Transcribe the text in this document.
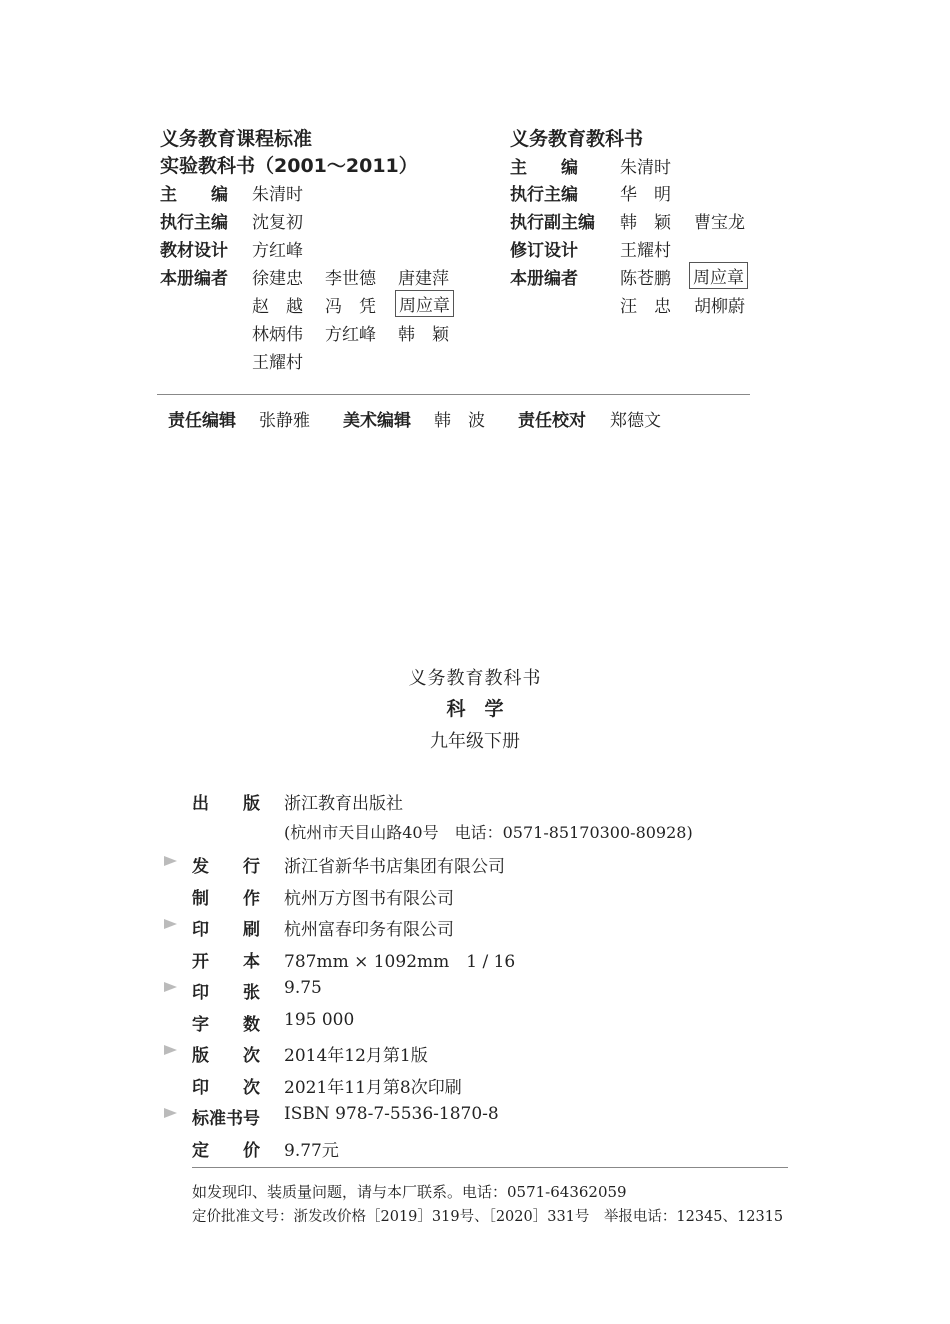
义务教育课程标准
实验教科书（2001～2011）
主　　编 朱清时
执行主编 沈复初
教材设计 方红峰
本册编者 徐建忠 李世德 唐建萍
赵　越 冯　凭 周应章
林炳伟 方红峰 韩　颖
王耀村
义务教育教科书
主　　编 朱清时
执行主编 华　明
执行副主编 韩　颖 曹宝龙
修订设计 王耀村
本册编者 陈苍鹏 周应章
汪　忠 胡柳蔚
责任编辑 张静雅 美术编辑 韩　波 责任校对 郑德文
义务教育教科书
科　学
九年级下册
出　　版 浙江教育出版社
(杭州市天目山路40号　电话：0571-85170300-80928)
发　　行 浙江省新华书店集团有限公司
制　　作 杭州万方图书有限公司
印　　刷 杭州富春印务有限公司
开　　本 787mm × 1092mm　1 / 16
印　　张 9.75
字　　数 195 000
版　　次 2014年12月第1版
印　　次 2021年11月第8次印刷
标准书号 ISBN 978-7-5536-1870-8
定　　价 9.77元
如发现印、装质量问题，请与本厂联系。电话：0571-64362059
定价批准文号：浙发改价格［2019］319号、［2020］331号　举报电话：12345、12315
